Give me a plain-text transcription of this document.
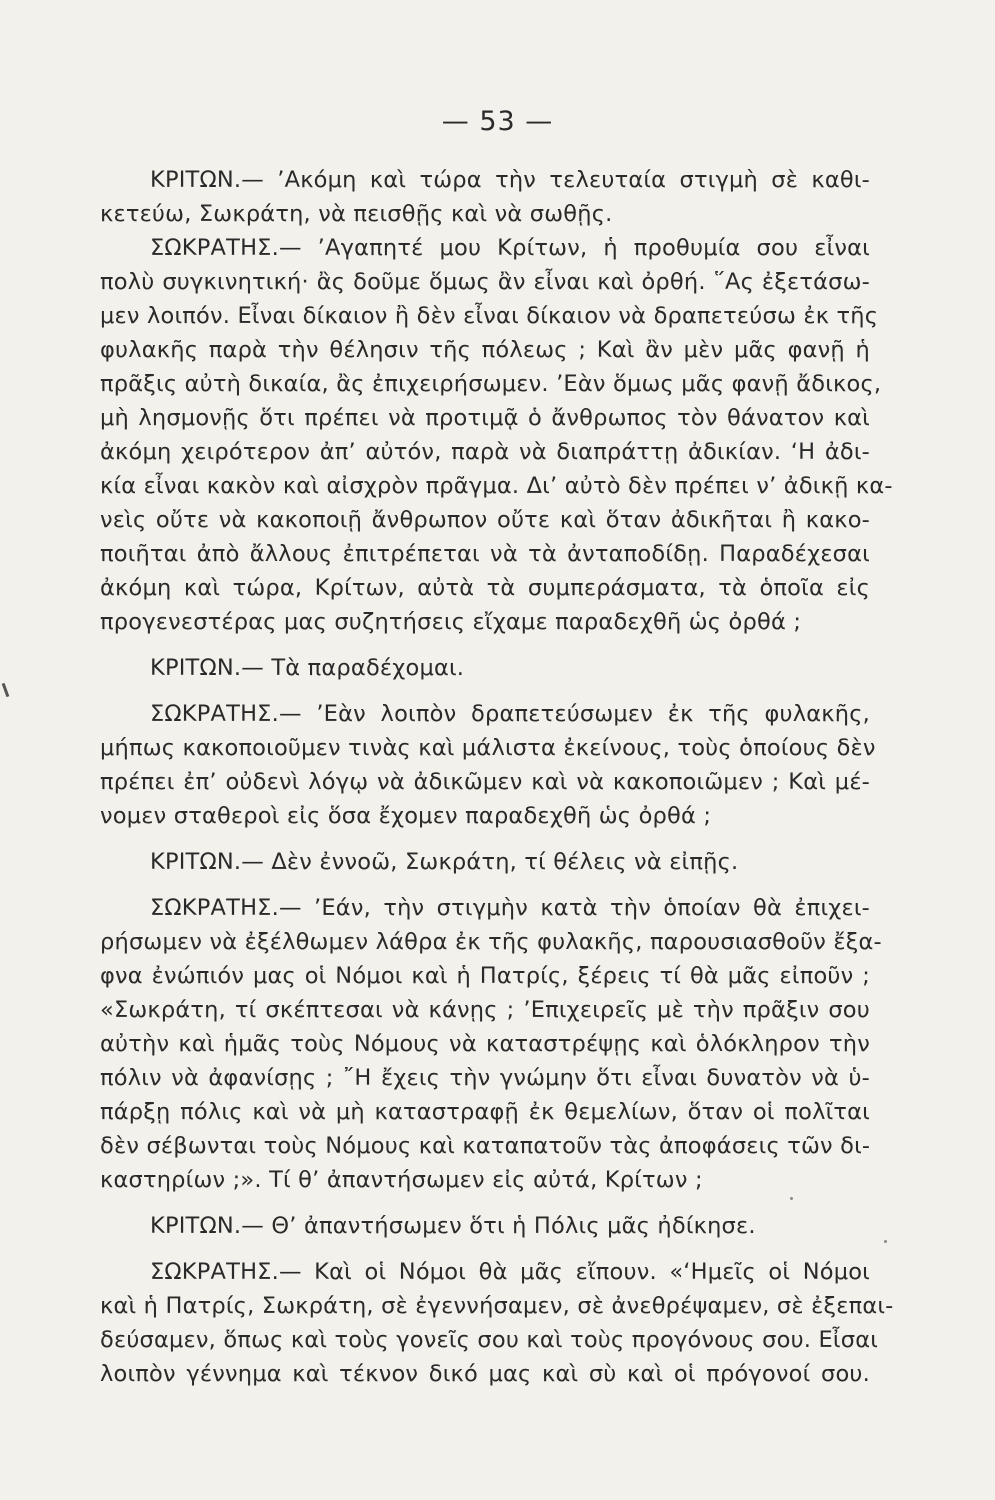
— 53 —
ΚΡΙΤΩΝ.— ’Ακόμη καὶ τώρα τὴν τελευταία στιγμὴ σὲ καθι-
κετεύω, Σωκράτη, νὰ πεισθῇς καὶ νὰ σωθῇς.
ΣΩΚΡΑΤΗΣ.— ’Αγαπητέ μου Κρίτων, ἡ προθυμία σου εἶναι
πολὺ συγκινητική· ἂς δοῦμε ὅμως ἂν εἶναι καὶ ὀρθή. ῞Ας ἐξετάσω-
μεν λοιπόν. Εἶναι δίκαιον ἢ δὲν εἶναι δίκαιον νὰ δραπετεύσω ἐκ τῆς
φυλακῆς παρὰ τὴν θέλησιν τῆς πόλεως ; Καὶ ἂν μὲν μᾶς φανῇ ἡ
πρᾶξις αὐτὴ δικαία, ἂς ἐπιχειρήσωμεν. ’Εὰν ὅμως μᾶς φανῇ ἄδικος,
μὴ λησμονῇς ὅτι πρέπει νὰ προτιμᾷ ὁ ἄνθρωπος τὸν θάνατον καὶ
ἀκόμη χειρότερον ἀπ’ αὐτόν, παρὰ νὰ διαπράττῃ ἀδικίαν. ‘Η ἀδι-
κία εἶναι κακὸν καὶ αἰσχρὸν πρᾶγμα. Δι’ αὐτὸ δὲν πρέπει ν’ ἀδικῇ κα-
νεὶς οὔτε νὰ κακοποιῇ ἄνθρωπον οὔτε καὶ ὅταν ἀδικῆται ἢ κακο-
ποιῆται ἀπὸ ἄλλους ἐπιτρέπεται νὰ τὰ ἀνταποδίδῃ. Παραδέχεσαι
ἀκόμη καὶ τώρα, Κρίτων, αὐτὰ τὰ συμπεράσματα, τὰ ὁποῖα εἰς
προγενεστέρας μας συζητήσεις εἴχαμε παραδεχθῆ ὡς ὀρθά ;
ΚΡΙΤΩΝ.— Τὰ παραδέχομαι.
ΣΩΚΡΑΤΗΣ.— ’Εὰν λοιπὸν δραπετεύσωμεν ἐκ τῆς φυλακῆς,
μήπως κακοποιοῦμεν τινὰς καὶ μάλιστα ἐκείνους, τοὺς ὁποίους δὲν
πρέπει ἐπ’ οὐδενὶ λόγῳ νὰ ἀδικῶμεν καὶ νὰ κακοποιῶμεν ; Καὶ μέ-
νομεν σταθεροὶ εἰς ὅσα ἔχομεν παραδεχθῆ ὡς ὀρθά ;
ΚΡΙΤΩΝ.— Δὲν ἐννοῶ, Σωκράτη, τί θέλεις νὰ εἰπῇς.
ΣΩΚΡΑΤΗΣ.— ’Εάν, τὴν στιγμὴν κατὰ τὴν ὁποίαν θὰ ἐπιχει-
ρήσωμεν νὰ ἐξέλθωμεν λάθρα ἐκ τῆς φυλακῆς, παρουσιασθοῦν ἔξα-
φνα ἐνώπιόν μας οἱ Νόμοι καὶ ἡ Πατρίς, ξέρεις τί θὰ μᾶς εἰποῦν ;
«Σωκράτη, τί σκέπτεσαι νὰ κάνῃς ; ’Επιχειρεῖς μὲ τὴν πρᾶξιν σου
αὐτὴν καὶ ἡμᾶς τοὺς Νόμους νὰ καταστρέψῃς καὶ ὁλόκληρον τὴν
πόλιν νὰ ἀφανίσῃς ; ῎Η ἔχεις τὴν γνώμην ὅτι εἶναι δυνατὸν νὰ ὑ-
πάρξῃ πόλις καὶ νὰ μὴ καταστραφῇ ἐκ θεμελίων, ὅταν οἱ πολῖται
δὲν σέβωνται τοὺς Νόμους καὶ καταπατοῦν τὰς ἀποφάσεις τῶν δι-
καστηρίων ;». Τί θ’ ἀπαντήσωμεν εἰς αὐτά, Κρίτων ;
ΚΡΙΤΩΝ.— Θ’ ἀπαντήσωμεν ὅτι ἡ Πόλις μᾶς ἠδίκησε.
ΣΩΚΡΑΤΗΣ.— Καὶ οἱ Νόμοι θὰ μᾶς εἴπουν. «‘Ημεῖς οἱ Νόμοι
καὶ ἡ Πατρίς, Σωκράτη, σὲ ἐγεννήσαμεν, σὲ ἀνεθρέψαμεν, σὲ ἐξεπαι-
δεύσαμεν, ὅπως καὶ τοὺς γονεῖς σου καὶ τοὺς προγόνους σου. Εἶσαι
λοιπὸν γέννημα καὶ τέκνον δικό μας καὶ σὺ καὶ οἱ πρόγονοί σου.
